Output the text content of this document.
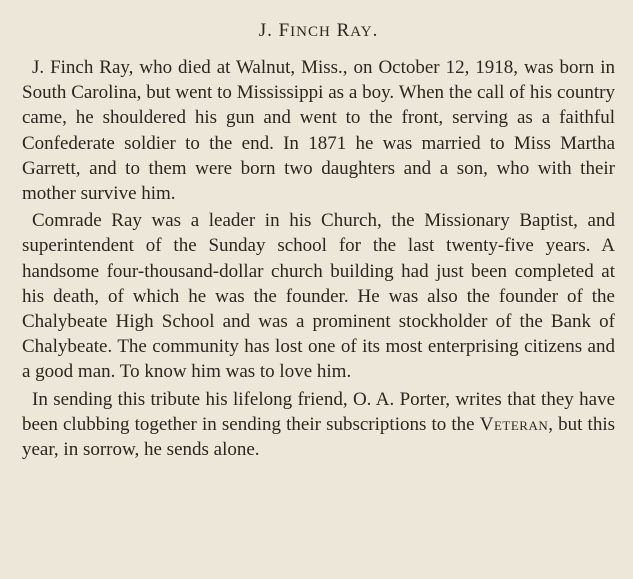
J. FINCH RAY.

J. Finch Ray, who died at Walnut, Miss., on October 12, 1918, was born in South Carolina, but went to Mississippi as a boy. When the call of his country came, he shouldered his gun and went to the front, serving as a faithful Confederate soldier to the end. In 1871 he was married to Miss Martha Garrett, and to them were born two daughters and a son, who with their mother survive him.

Comrade Ray was a leader in his Church, the Missionary Baptist, and superintendent of the Sunday school for the last twenty-five years. A handsome four-thousand-dollar church building had just been completed at his death, of which he was the founder. He was also the founder of the Chalybeate High School and was a prominent stockholder of the Bank of Chalybeate. The community has lost one of its most enterprising citizens and a good man. To know him was to love him.

In sending this tribute his lifelong friend, O. A. Porter, writes that they have been clubbing together in sending their subscriptions to the Veteran, but this year, in sorrow, he sends alone.
